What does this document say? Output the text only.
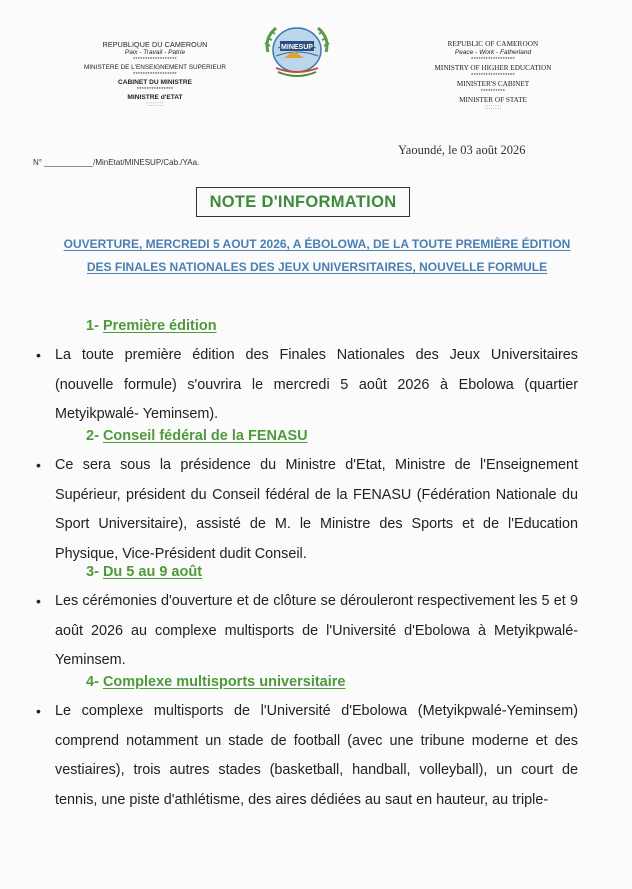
REPUBLIQUE DU CAMEROUN
Paix - Travail - Patrie
******************
MINISTERE DE L'ENSEIGNEMENT SUPERIEUR
******************
CABINET DU MINISTRE
***************
MINISTRE d'ETAT
::::::::
MINESUP	REPUBLIC OF CAMEROON
Peace - Work - Fatherland
******************
MINISTRY OF HIGHER EDUCATION
******************
MINISTER'S CABINET
**********
MINISTER OF STATE
::::::::
Yaoundé, le 03 août 2026
N° ___________/MinEtat/MINESUP/Cab./YAa.
NOTE D'INFORMATION
OUVERTURE, MERCREDI 5 AOUT 2026, A ÉBOLOWA, DE LA TOUTE PREMIÈRE ÉDITION DES FINALES NATIONALES DES JEUX UNIVERSITAIRES, NOUVELLE FORMULE
1- Première édition
• La toute première édition des Finales Nationales des Jeux Universitaires (nouvelle formule) s'ouvrira le mercredi 5 août 2026 à Ebolowa (quartier Metyikpwalé- Yeminsem).
2- Conseil fédéral de la FENASU
• Ce sera sous la présidence du Ministre d'Etat, Ministre de l'Enseignement Supérieur, président du Conseil fédéral de la FENASU (Fédération Nationale du Sport Universitaire), assisté de M. le Ministre des Sports et de l'Education Physique, Vice-Président dudit Conseil.
3- Du 5 au 9 août
• Les cérémonies d'ouverture et de clôture se dérouleront respectivement les 5 et 9 août 2026 au complexe multisports de l'Université d'Ebolowa à Metyikpwalé-Yeminsem.
4- Complexe multisports universitaire
• Le complexe multisports de l'Université d'Ebolowa (Metyikpwalé-Yeminsem) comprend notamment un stade de football (avec une tribune moderne et des vestiaires), trois autres stades (basketball, handball, volleyball), un court de tennis, une piste d'athlétisme, des aires dédiées au saut en hauteur, au triple-
